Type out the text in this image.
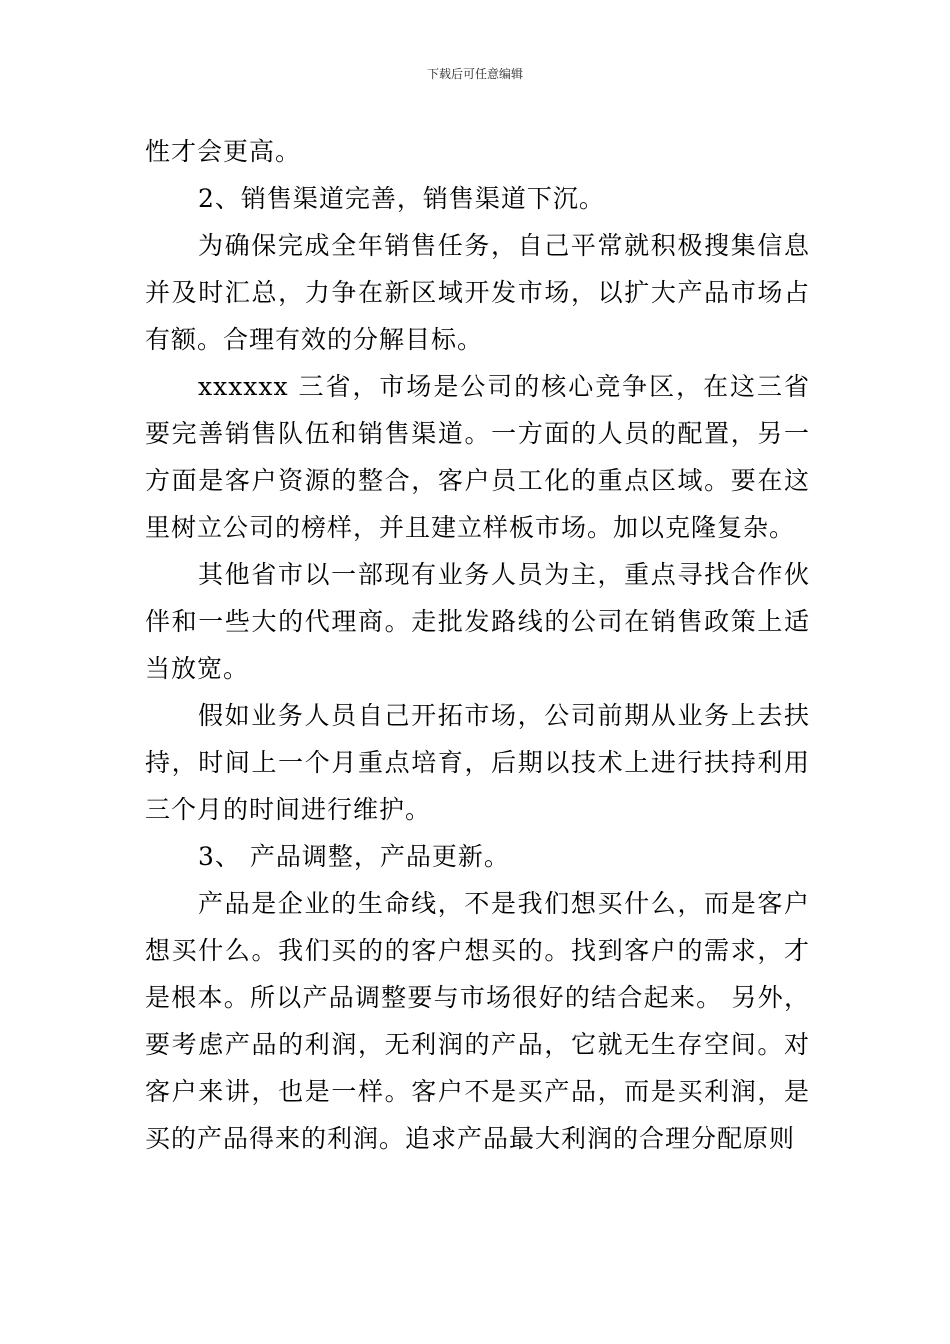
下载后可任意编辑

性才会更高。

2、销售渠道完善，销售渠道下沉。

为确保完成全年销售任务，自己平常就积极搜集信息并及时汇总，力争在新区域开发市场，以扩大产品市场占有额。合理有效的分解目标。

xxxxxx 三省，市场是公司的核心竞争区，在这三省要完善销售队伍和销售渠道。一方面的人员的配置，另一方面是客户资源的整合，客户员工化的重点区域。要在这里树立公司的榜样，并且建立样板市场。加以克隆复杂。

其他省市以一部现有业务人员为主，重点寻找合作伙伴和一些大的代理商。走批发路线的公司在销售政策上适当放宽。

假如业务人员自己开拓市场，公司前期从业务上去扶持，时间上一个月重点培育，后期以技术上进行扶持利用三个月的时间进行维护。

3、 产品调整，产品更新。

产品是企业的生命线，不是我们想买什么，而是客户想买什么。我们买的的客户想买的。找到客户的需求，才是根本。所以产品调整要与市场很好的结合起来。 另外，要考虑产品的利润，无利润的产品，它就无生存空间。对客户来讲，也是一样。客户不是买产品，而是买利润，是买的产品得来的利润。追求产品最大利润的合理分配原则
